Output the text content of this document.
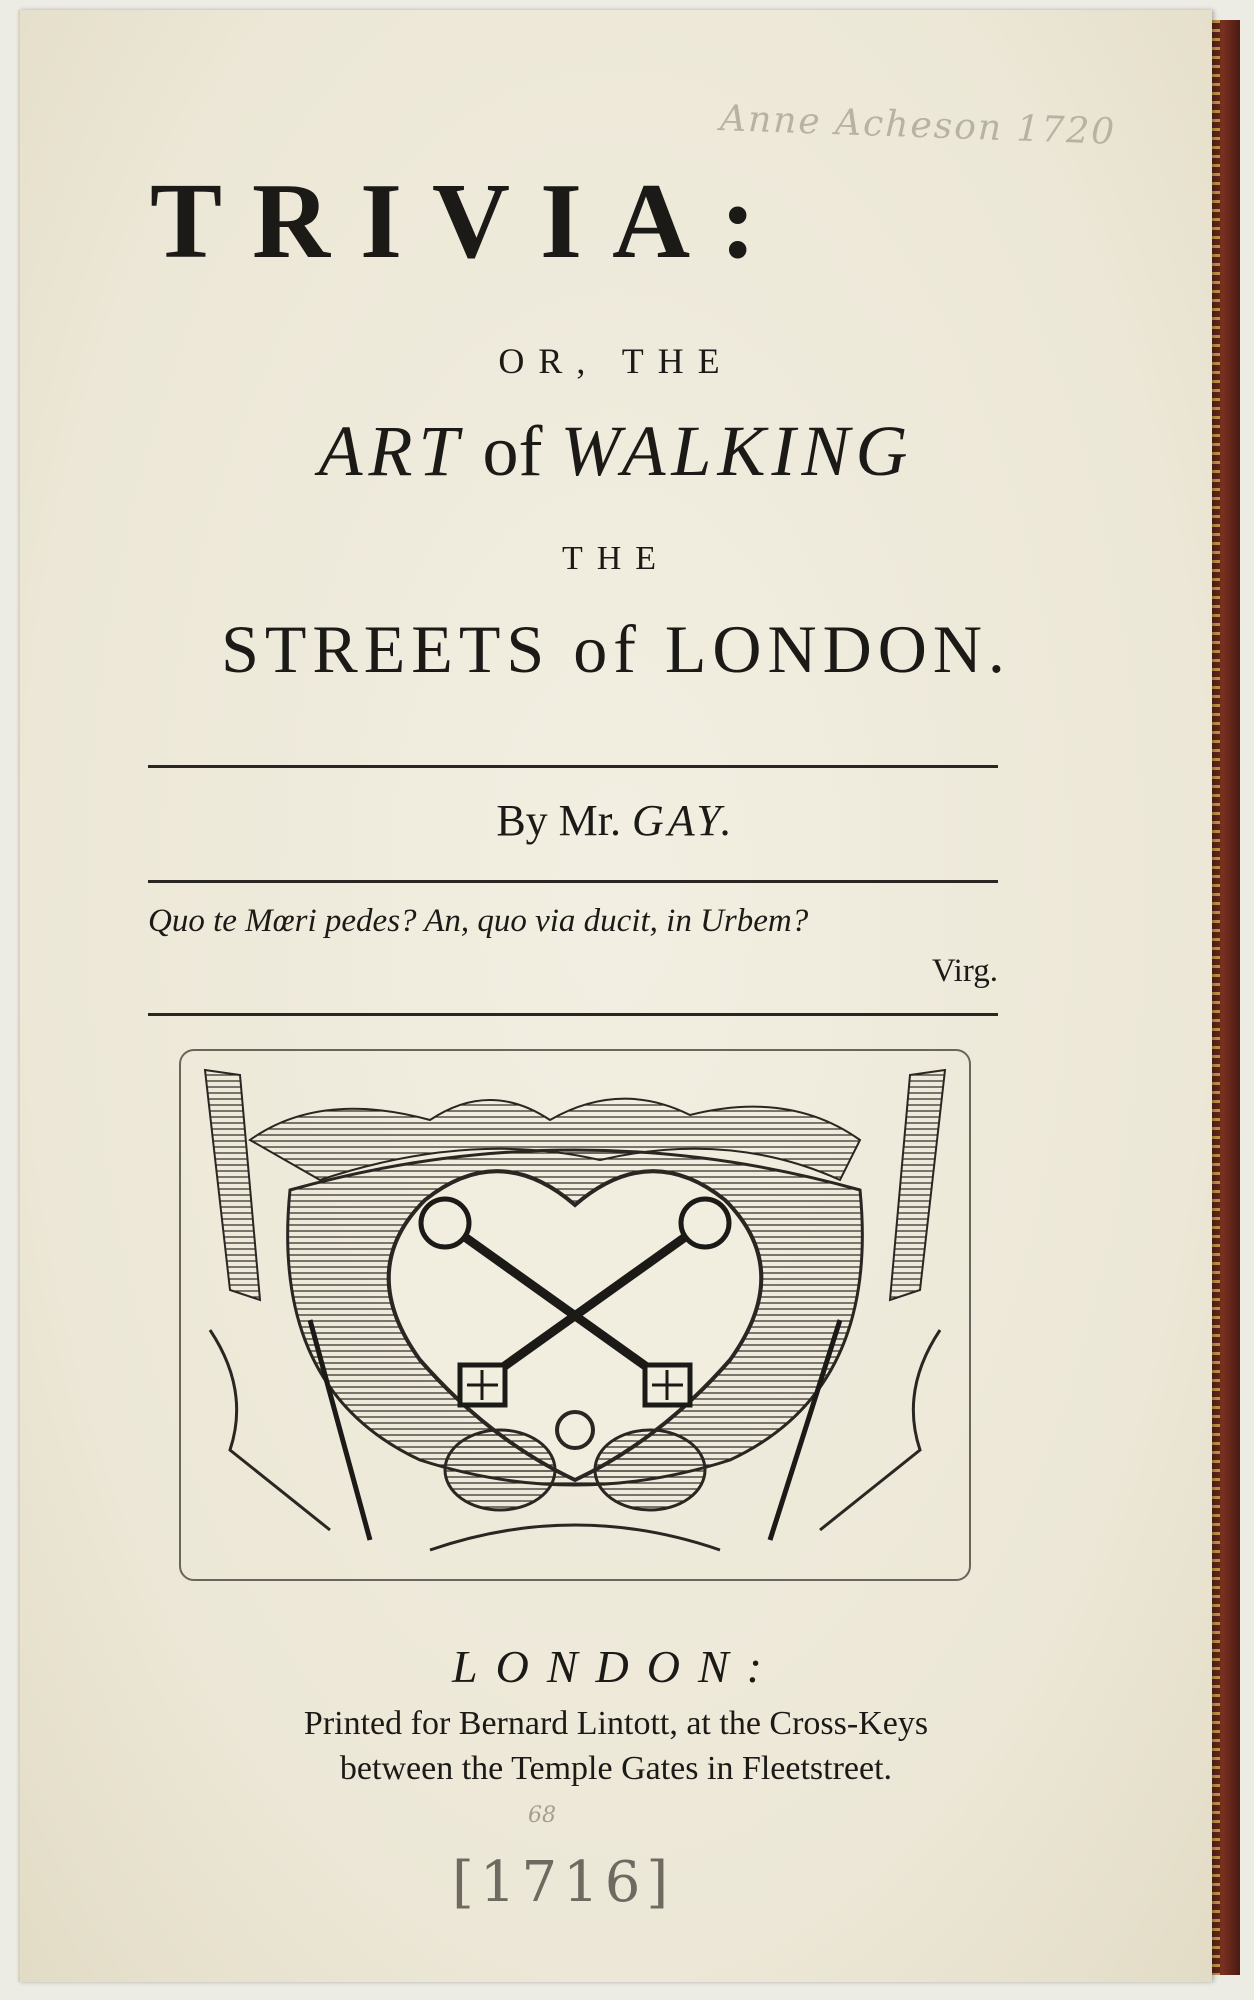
Anne Acheson 1720
TRIVIA:
OR, THE
ART of WALKING
THE
STREETS of LONDON.
By Mr. GAY.
Quo te Mœri pedes? An, quo via ducit, in Urbem?
Virg.
LONDON:
Printed for Bernard Lintott, at the Cross-Keys
between the Temple Gates in Fleetstreet.
68
[1716]
